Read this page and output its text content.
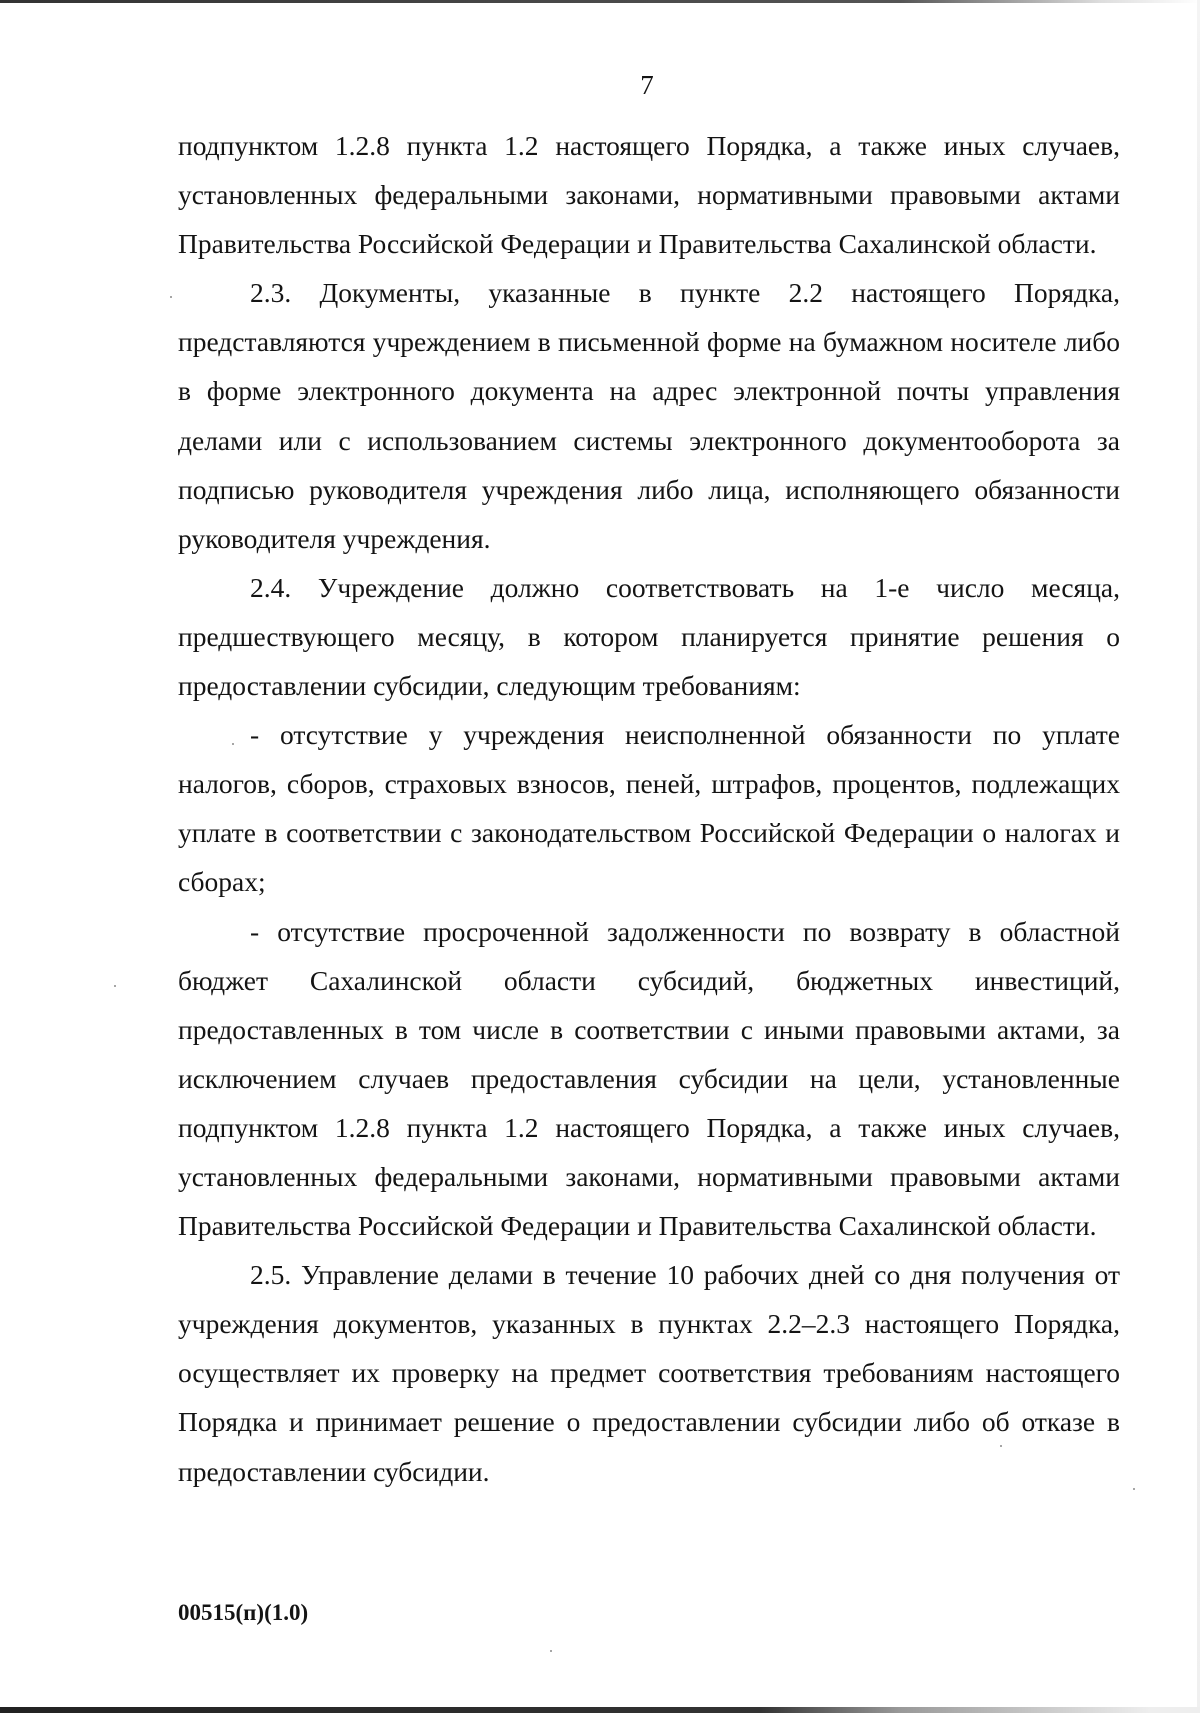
7

подпунктом 1.2.8 пункта 1.2 настоящего Порядка, а также иных случаев, установленных федеральными законами, нормативными правовыми актами Правительства Российской Федерации и Правительства Сахалинской области.

2.3. Документы, указанные в пункте 2.2 настоящего Порядка, представляются учреждением в письменной форме на бумажном носителе либо в форме электронного документа на адрес электронной почты управления делами или с использованием системы электронного документооборота за подписью руководителя учреждения либо лица, исполняющего обязанности руководителя учреждения.

2.4. Учреждение должно соответствовать на 1-е число месяца, предшествующего месяцу, в котором планируется принятие решения о предоставлении субсидии, следующим требованиям:

- отсутствие у учреждения неисполненной обязанности по уплате налогов, сборов, страховых взносов, пеней, штрафов, процентов, подлежащих уплате в соответствии с законодательством Российской Федерации о налогах и сборах;

- отсутствие просроченной задолженности по возврату в областной бюджет Сахалинской области субсидий, бюджетных инвестиций, предоставленных в том числе в соответствии с иными правовыми актами, за исключением случаев предоставления субсидии на цели, установленные подпунктом 1.2.8 пункта 1.2 настоящего Порядка, а также иных случаев, установленных федеральными законами, нормативными правовыми актами Правительства Российской Федерации и Правительства Сахалинской области.

2.5. Управление делами в течение 10 рабочих дней со дня получения от учреждения документов, указанных в пунктах 2.2–2.3 настоящего Порядка, осуществляет их проверку на предмет соответствия требованиям настоящего Порядка и принимает решение о предоставлении субсидии либо об отказе в предоставлении субсидии.

00515(п)(1.0)
